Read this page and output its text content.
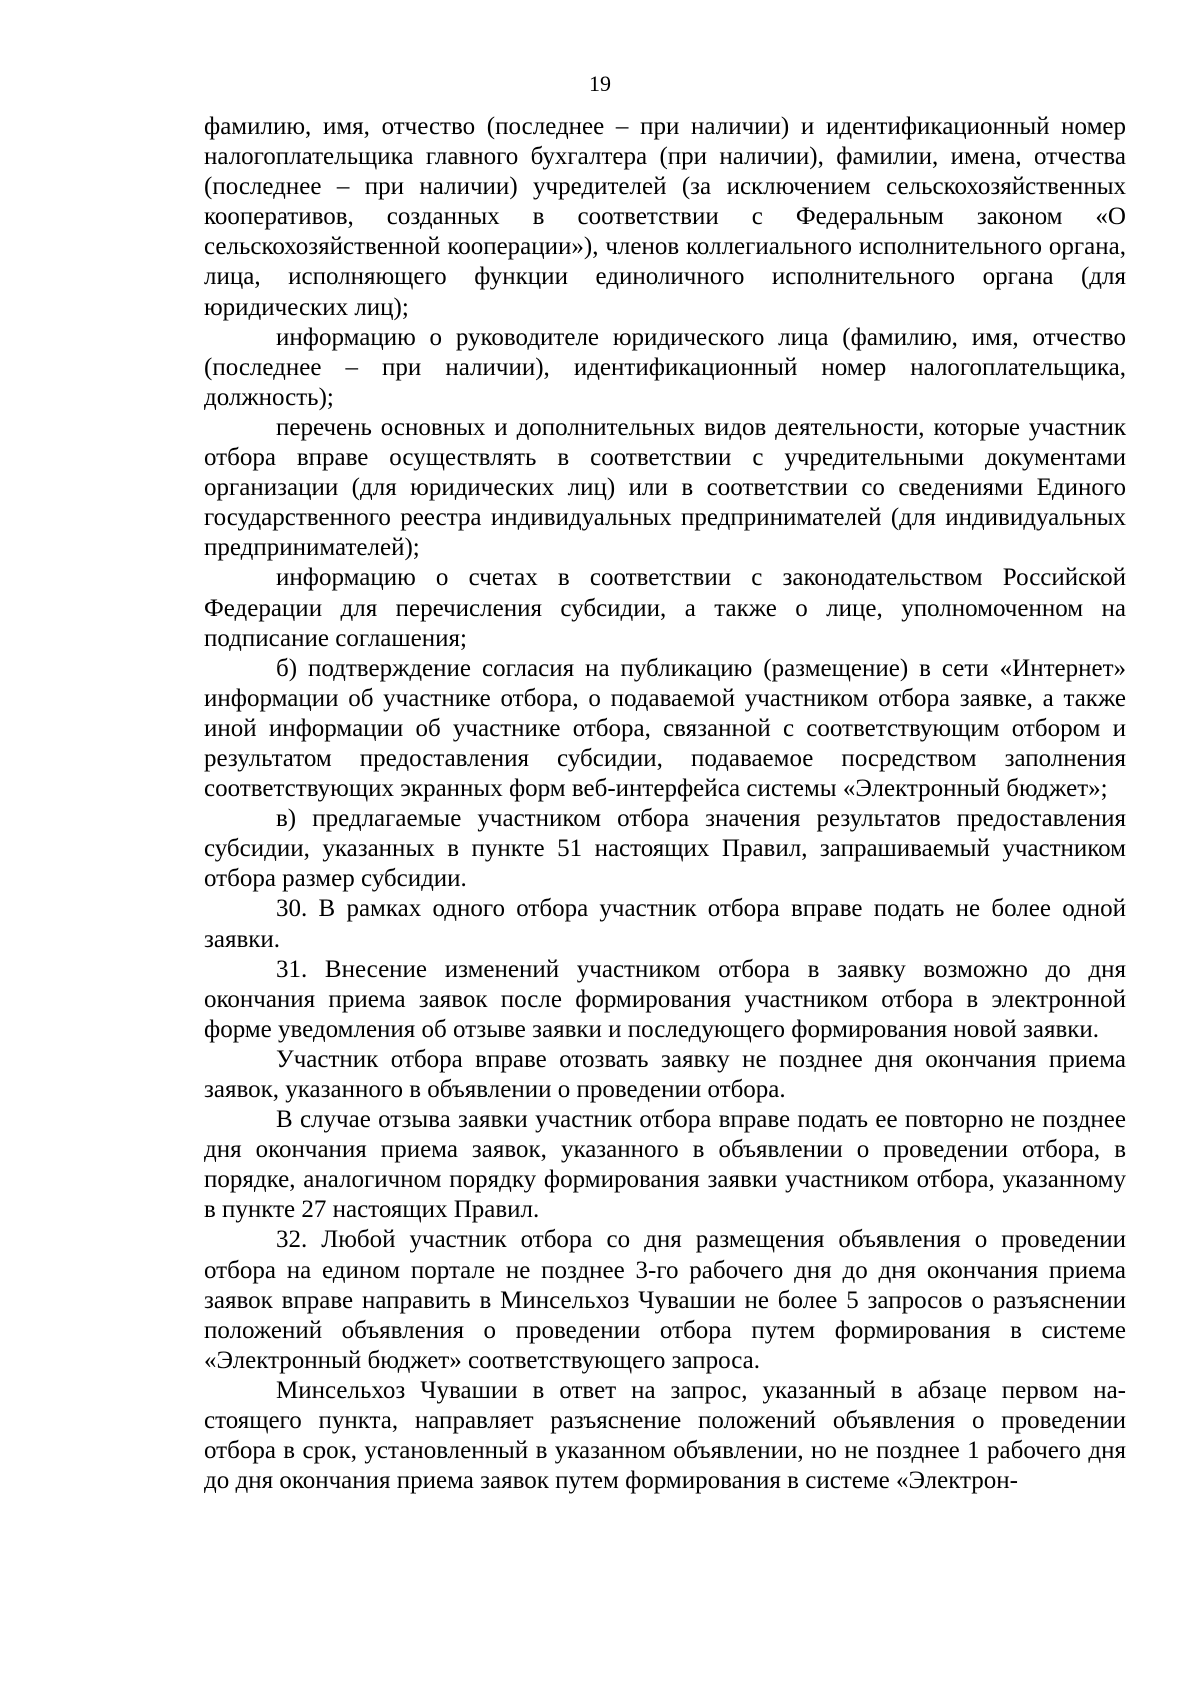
19

фамилию, имя, отчество (последнее – при наличии) и идентификационный номер налогоплательщика главного бухгалтера (при наличии), фамилии, имена, отчества (последнее – при наличии) учредителей (за исключением сельскохозяйственных кооперативов, созданных в соответствии с Федеральным законом «О сельскохозяйственной кооперации»), членов коллегиального исполнительного органа, лица, исполняющего функции единоличного исполнительного органа (для юридических лиц);

информацию о руководителе юридического лица (фамилию, имя, отчество (последнее – при наличии), идентификационный номер налогоплательщика, должность);

перечень основных и дополнительных видов деятельности, которые участник отбора вправе осуществлять в соответствии с учредительными документами организации (для юридических лиц) или в соответствии со сведениями Единого государственного реестра индивидуальных предпринимателей (для индивидуальных предпринимателей);

информацию о счетах в соответствии с законодательством Российской Федерации для перечисления субсидии, а также о лице, уполномоченном на подписание соглашения;

б) подтверждение согласия на публикацию (размещение) в сети «Интернет» информации об участнике отбора, о подаваемой участником отбора заявке, а также иной информации об участнике отбора, связанной с соответствующим отбором и результатом предоставления субсидии, подаваемое посредством заполнения соответствующих экранных форм веб-интерфейса системы «Электронный бюджет»;

в) предлагаемые участником отбора значения результатов предоставления субсидии, указанных в пункте 51 настоящих Правил, запрашиваемый участником отбора размер субсидии.

30. В рамках одного отбора участник отбора вправе подать не более одной заявки.

31. Внесение изменений участником отбора в заявку возможно до дня окончания приема заявок после формирования участником отбора в электронной форме уведомления об отзыве заявки и последующего формирования новой заявки.

Участник отбора вправе отозвать заявку не позднее дня окончания приема заявок, указанного в объявлении о проведении отбора.

В случае отзыва заявки участник отбора вправе подать ее повторно не позднее дня окончания приема заявок, указанного в объявлении о проведении отбора, в порядке, аналогичном порядку формирования заявки участником отбора, указанному в пункте 27 настоящих Правил.

32. Любой участник отбора со дня размещения объявления о проведении отбора на едином портале не позднее 3-го рабочего дня до дня окончания приема заявок вправе направить в Минсельхоз Чувашии не более 5 запросов о разъяснении положений объявления о проведении отбора путем формирования в системе «Электронный бюджет» соответствующего запроса.

Минсельхоз Чувашии в ответ на запрос, указанный в абзаце первом настоящего пункта, направляет разъяснение положений объявления о проведении отбора в срок, установленный в указанном объявлении, но не позднее 1 рабочего дня до дня окончания приема заявок путем формирования в системе «Электрон-
